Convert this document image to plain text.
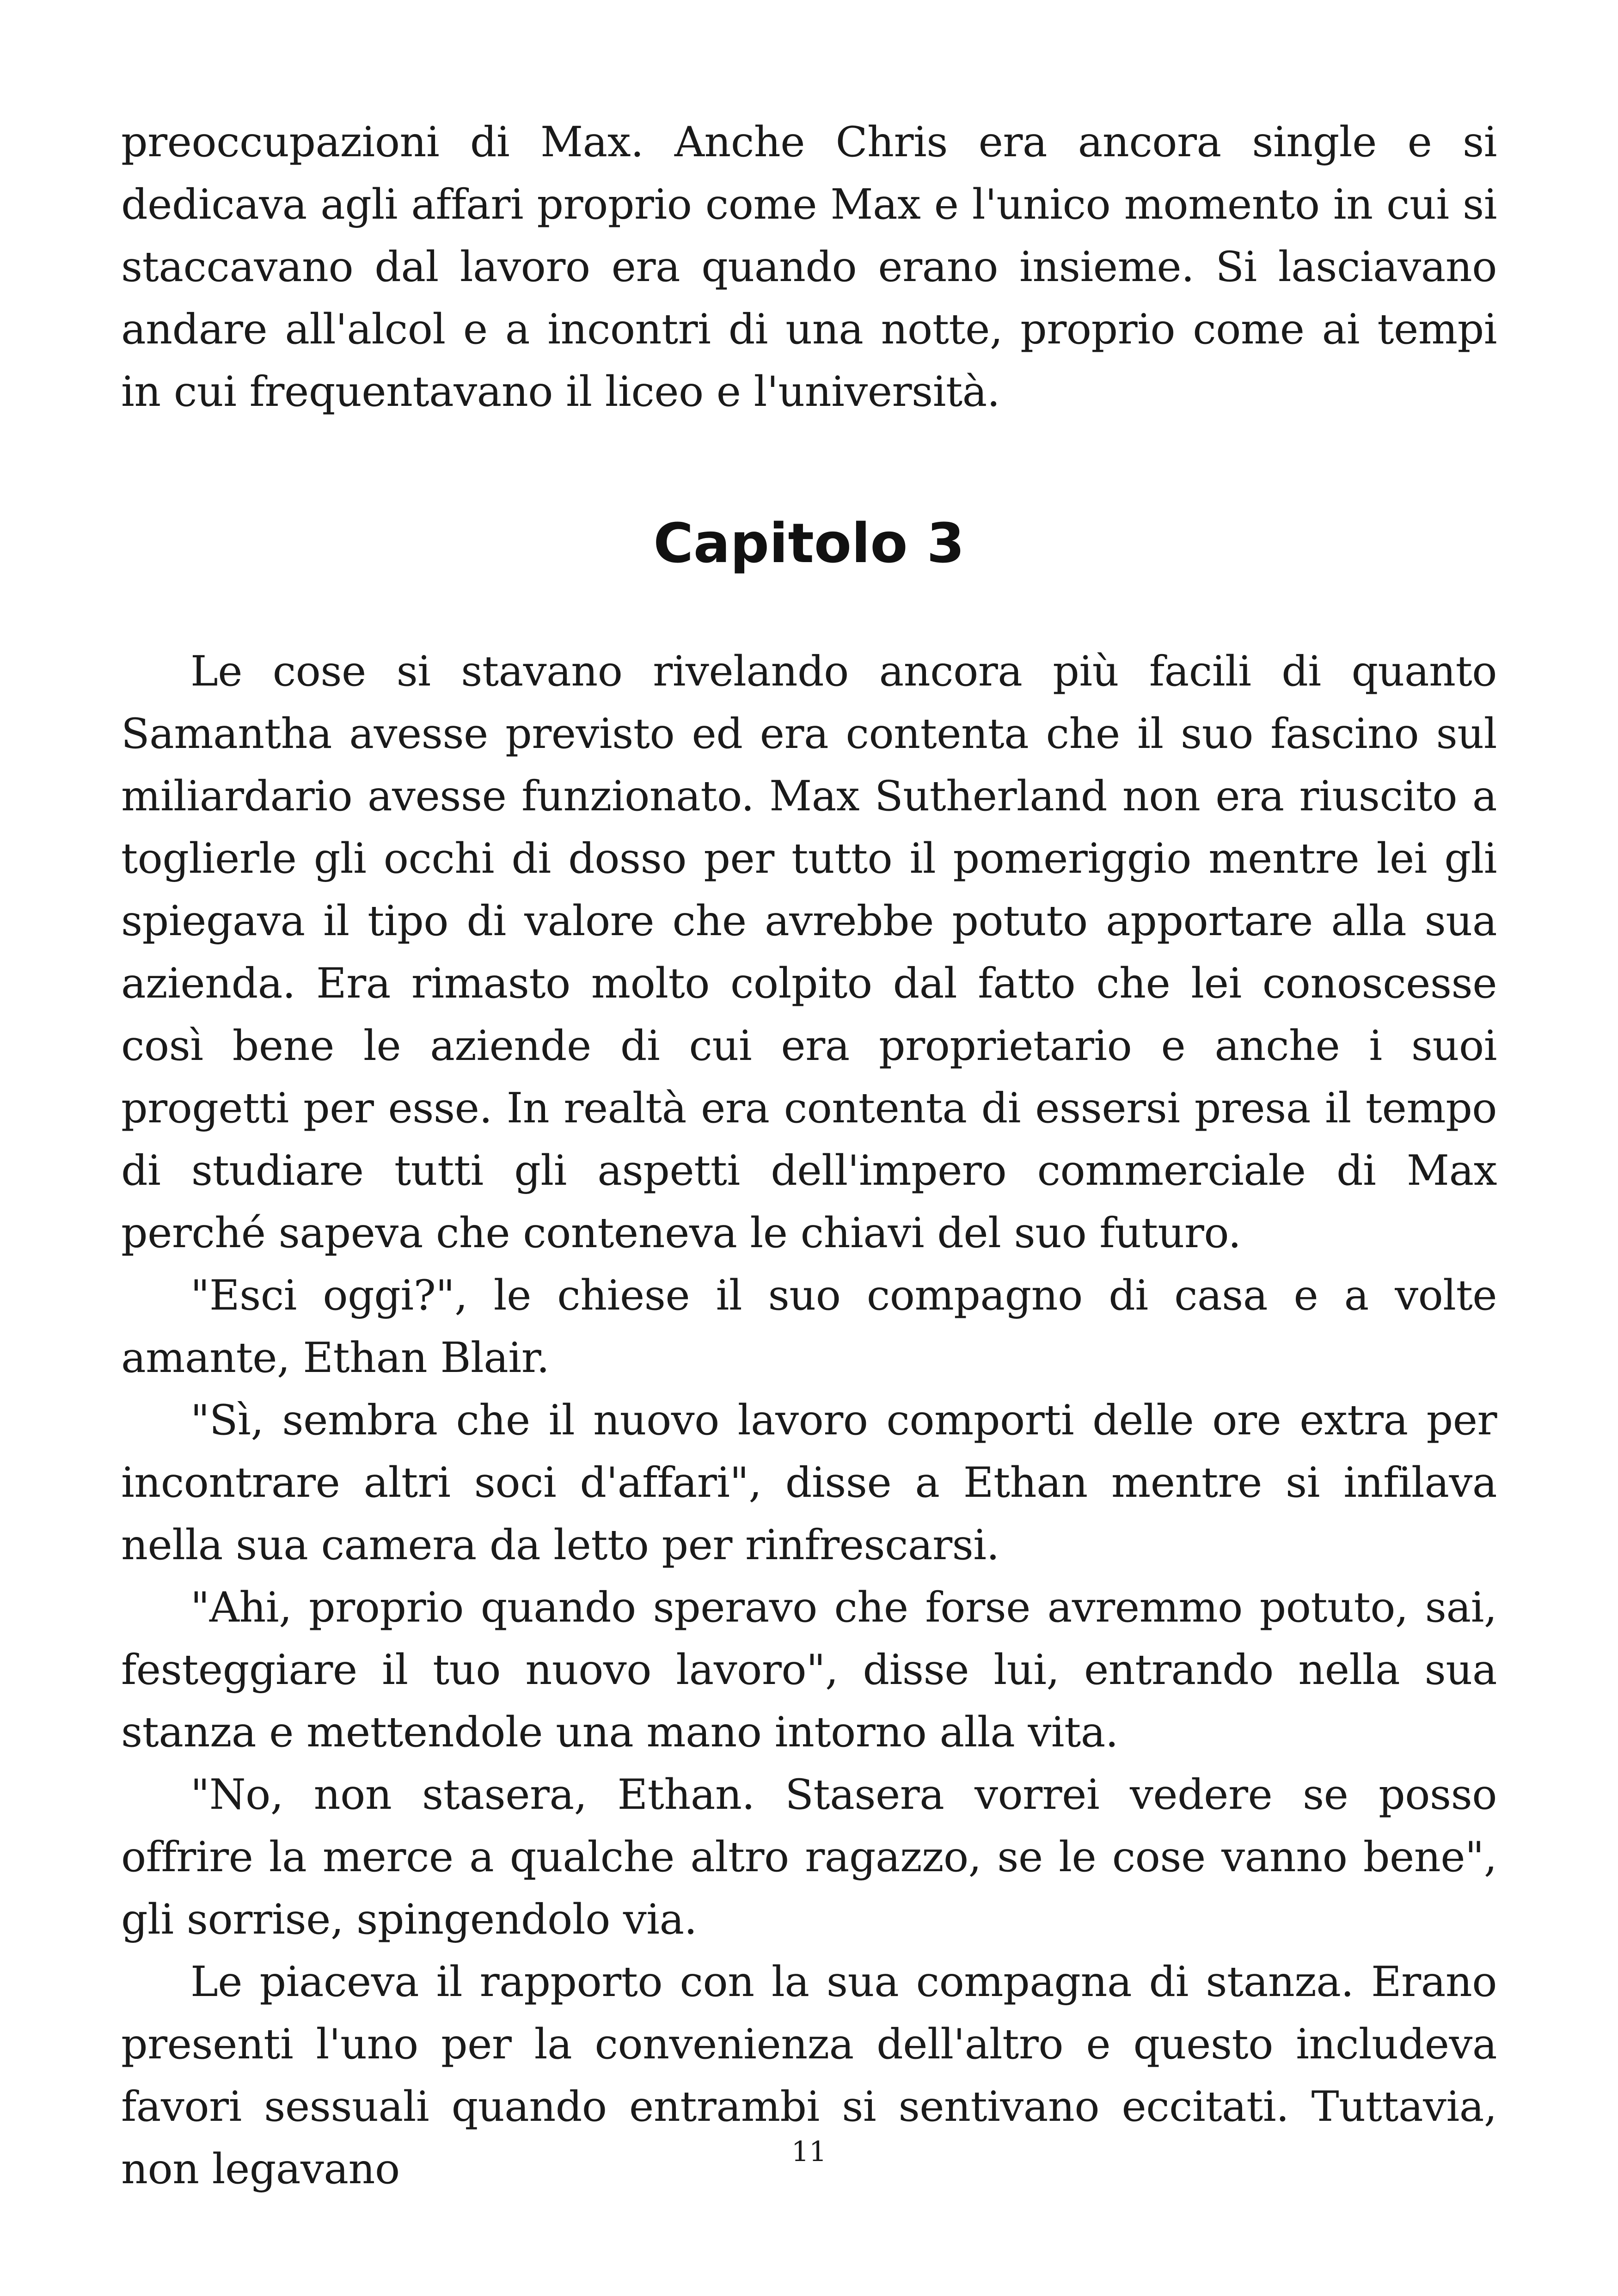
preoccupazioni di Max. Anche Chris era ancora single e si dedicava agli affari proprio come Max e l'unico momento in cui si staccavano dal lavoro era quando erano insieme. Si lasciavano andare all'alcol e a incontri di una notte, proprio come ai tempi in cui frequentavano il liceo e l'università.

Capitolo 3

Le cose si stavano rivelando ancora più facili di quanto Samantha avesse previsto ed era contenta che il suo fascino sul miliardario avesse funzionato. Max Sutherland non era riuscito a toglierle gli occhi di dosso per tutto il pomeriggio mentre lei gli spiegava il tipo di valore che avrebbe potuto apportare alla sua azienda. Era rimasto molto colpito dal fatto che lei conoscesse così bene le aziende di cui era proprietario e anche i suoi progetti per esse. In realtà era contenta di essersi presa il tempo di studiare tutti gli aspetti dell'impero commerciale di Max perché sapeva che conteneva le chiavi del suo futuro.

"Esci oggi?", le chiese il suo compagno di casa e a volte amante, Ethan Blair.

"Sì, sembra che il nuovo lavoro comporti delle ore extra per incontrare altri soci d'affari", disse a Ethan mentre si infilava nella sua camera da letto per rinfrescarsi.

"Ahi, proprio quando speravo che forse avremmo potuto, sai, festeggiare il tuo nuovo lavoro", disse lui, entrando nella sua stanza e mettendole una mano intorno alla vita.

"No, non stasera, Ethan. Stasera vorrei vedere se posso offrire la merce a qualche altro ragazzo, se le cose vanno bene", gli sorrise, spingendolo via.

Le piaceva il rapporto con la sua compagna di stanza. Erano presenti l'uno per la convenienza dell'altro e questo includeva favori sessuali quando entrambi si sentivano eccitati. Tuttavia, non legavano	11
